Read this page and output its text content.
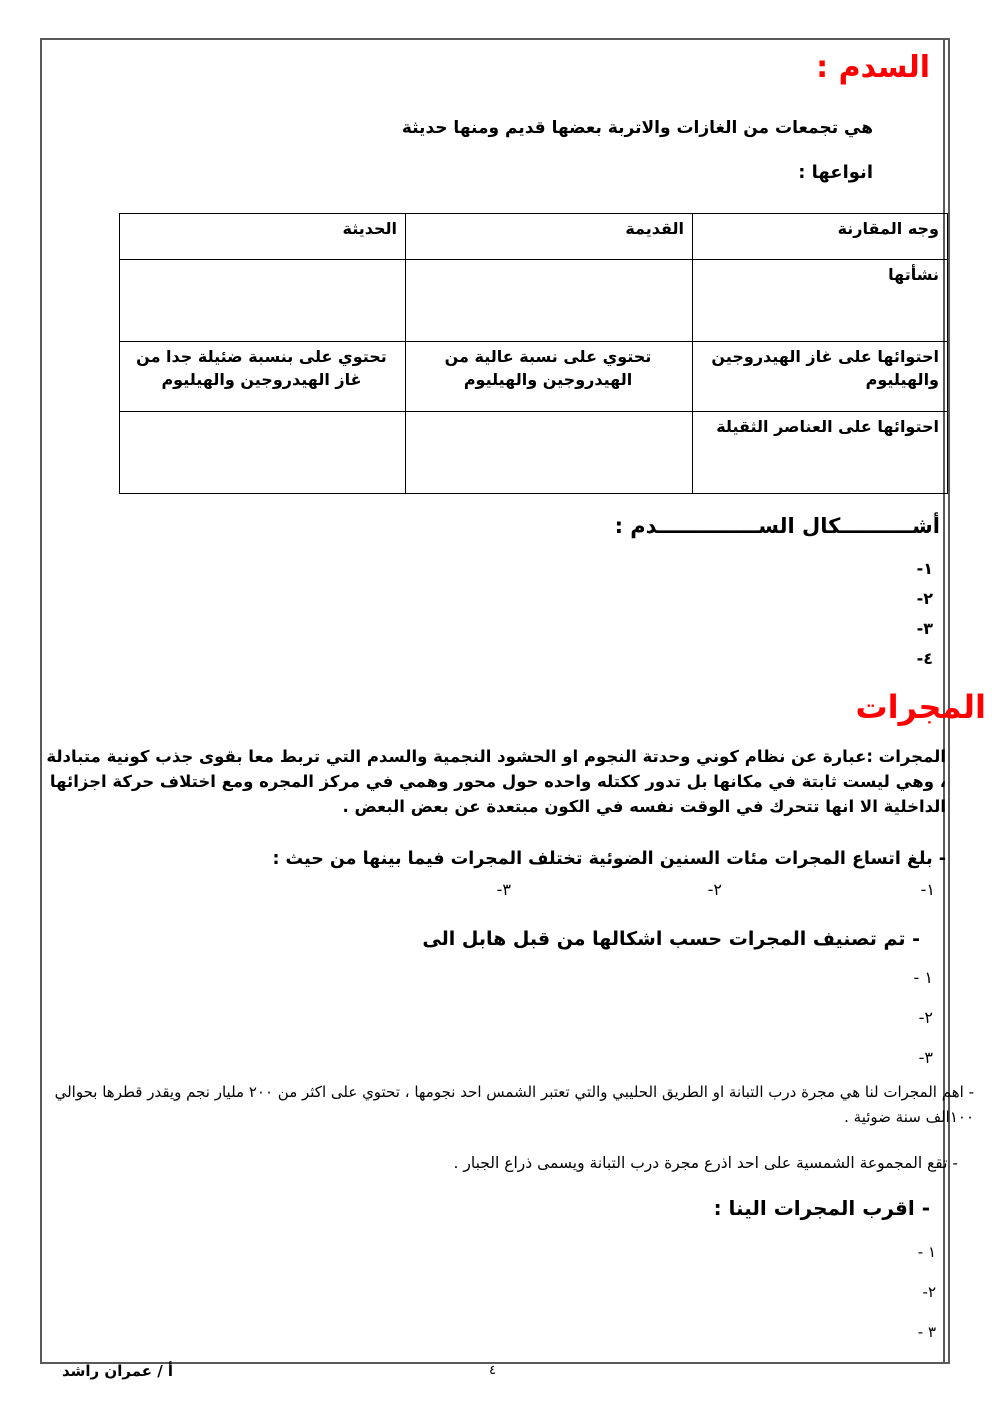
السدم :
هي تجمعات من الغازات والاتربة بعضها قديم ومنها حديثة
انواعها :
وجه المقارنة	القديمة	الحديثة
نشأتها		
احتوائها على غاز الهيدروجين والهيليوم	تحتوي على نسبة عالية من الهيدروجين والهيليوم	تحتوي على بنسبة ضئيلة جدا من غاز الهيدروجين والهيليوم
احتوائها على العناصر الثقيلة		
أشــــــــــكال الســــــــــــــدم :
١-
٢-
٣-
٤-
المجرات
المجرات :عبارة عن نظام كوني وحدتة النجوم او الحشود النجمية والسدم التي تربط معا بقوى جذب كونية متبادلة ، وهي ليست ثابتة في مكانها بل تدور ككتله واحده حول محور وهمي في مركز المجره ومع اختلاف حركة اجزائها الداخلية الا انها تتحرك في الوقت نفسه في الكون مبتعدة عن بعض البعض .
- بلغ اتساع المجرات مئات السنين الضوئية تختلف المجرات فيما بينها من حيث :
١-
٢-
٣-
- تم تصنيف المجرات حسب اشكالها من قبل هابل الى
١ -
٢-
٣-
- اهم المجرات لنا هي مجرة درب التبانة او الطريق الحليبي والتي تعتبر الشمس احد نجومها ، تحتوي على اكثر من ٢٠٠ مليار نجم ويقدر قطرها بحوالي ١٠٠الف سنة ضوئية .
- تقع المجموعة الشمسية على احد اذرع مجرة درب التبانة ويسمى ذراع الجبار .
- اقرب المجرات الينا :
١ -
٢-
٣ -
أ / عمران راشد	٤
